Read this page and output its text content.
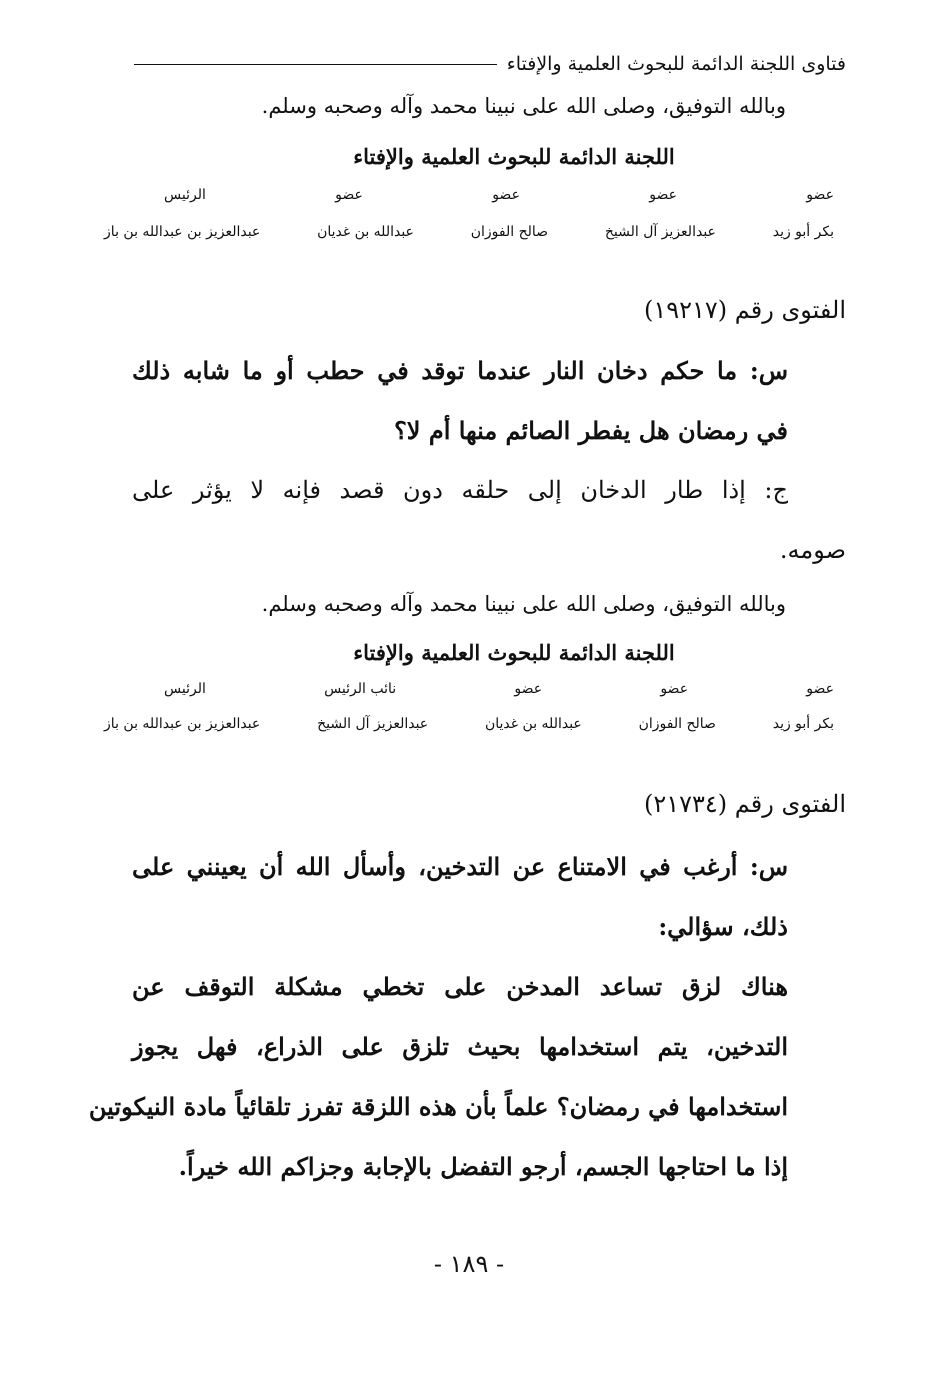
فتاوى اللجنة الدائمة للبحوث العلمية والإفتاء
وبالله التوفيق، وصلى الله على نبينا محمد وآله وصحبه وسلم.
اللجنة الدائمة للبحوث العلمية والإفتاء
عضو
عضو
عضو
عضو
الرئيس
بكر أبو زيد
عبدالعزيز آل الشيخ
صالح الفوزان
عبدالله بن غديان
عبدالعزيز بن عبدالله بن باز
الفتوى رقم (١٩٢١٧)
س: ما حكم دخان النار عندما توقد في حطب أو ما شابه ذلك
في رمضان هل يفطر الصائم منها أم لا؟
ج: إذا طار الدخان إلى حلقه دون قصد فإنه لا يؤثر على
صومه.
وبالله التوفيق، وصلى الله على نبينا محمد وآله وصحبه وسلم.
اللجنة الدائمة للبحوث العلمية والإفتاء
عضو
عضو
عضو
نائب الرئيس
الرئيس
بكر أبو زيد
صالح الفوزان
عبدالله بن غديان
عبدالعزيز آل الشيخ
عبدالعزيز بن عبدالله بن باز
الفتوى رقم (٢١٧٣٤)
س: أرغب في الامتناع عن التدخين، وأسأل الله أن يعينني على
ذلك، سؤالي:
هناك لزق تساعد المدخن على تخطي مشكلة التوقف عن
التدخين، يتم استخدامها بحيث تلزق على الذراع، فهل يجوز
استخدامها في رمضان؟ علماً بأن هذه اللزقة تفرز تلقائياً مادة النيكوتين
إذا ما احتاجها الجسم، أرجو التفضل بالإجابة وجزاكم الله خيراً.
- ١٨٩ -
